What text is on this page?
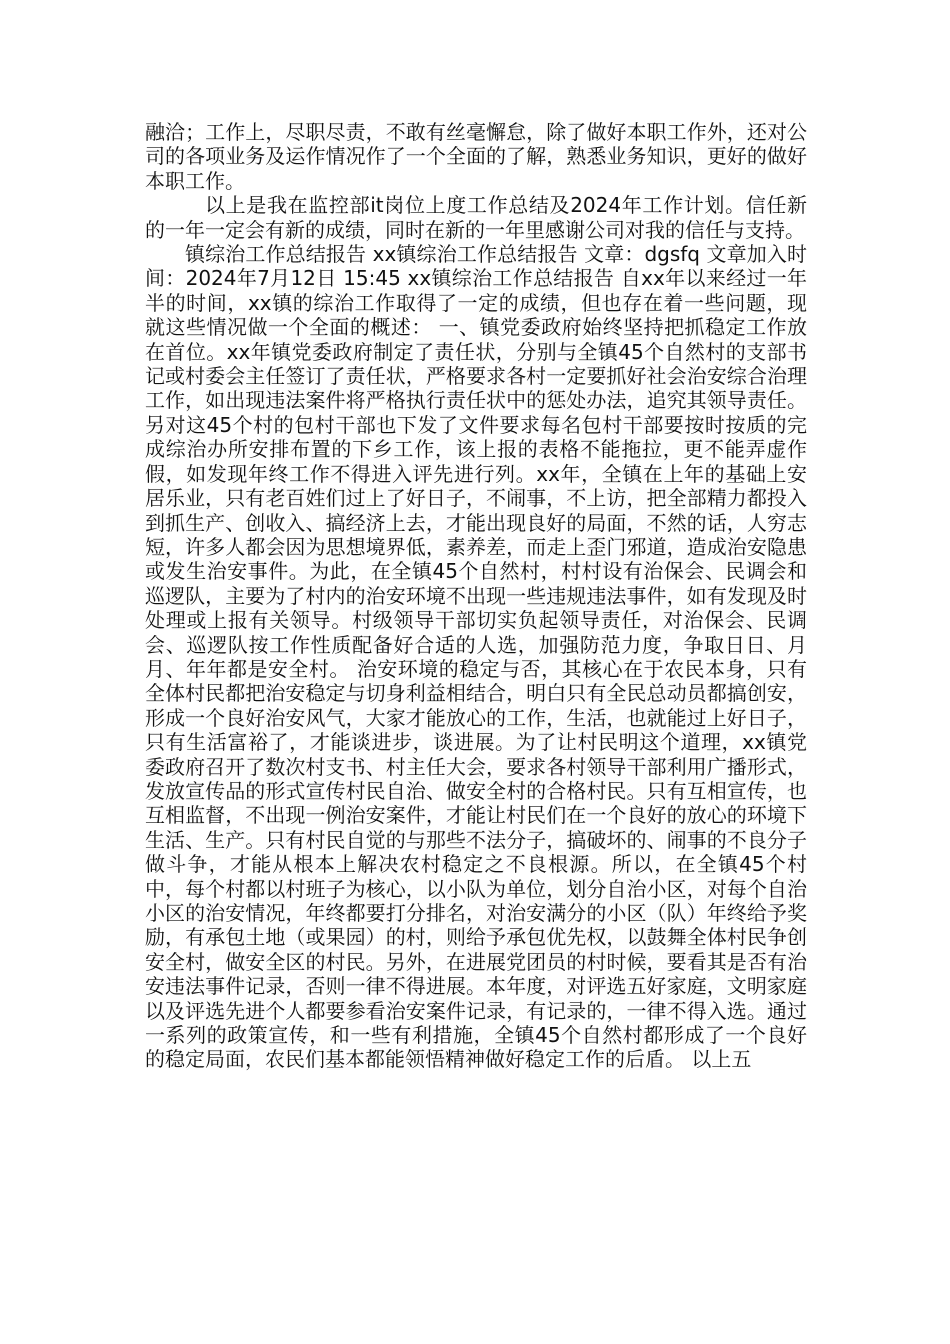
融洽；工作上，尽职尽责，不敢有丝毫懈怠，除了做好本职工作外，还对公司的各项业务及运作情况作了一个全面的了解，熟悉业务知识，更好的做好本职工作。

以上是我在监控部it岗位上度工作总结及2024年工作计划。信任新的一年一定会有新的成绩，同时在新的一年里感谢公司对我的信任与支持。

镇综治工作总结报告 xx镇综治工作总结报告 文章：dgsfq 文章加入时间：2024年7月12日 15:45 xx镇综治工作总结报告 自xx年以来经过一年半的时间，xx镇的综治工作取得了一定的成绩，但也存在着一些问题，现就这些情况做一个全面的概述： 一、镇党委政府始终坚持把抓稳定工作放在首位。xx年镇党委政府制定了责任状，分别与全镇45个自然村的支部书记或村委会主任签订了责任状，严格要求各村一定要抓好社会治安综合治理工作，如出现违法案件将严格执行责任状中的惩处办法，追究其领导责任。另对这45个村的包村干部也下发了文件要求每名包村干部要按时按质的完成综治办所安排布置的下乡工作，该上报的表格不能拖拉，更不能弄虚作假，如发现年终工作不得进入评先进行列。xx年，全镇在上年的基础上安居乐业，只有老百姓们过上了好日子，不闹事，不上访，把全部精力都投入到抓生产、创收入、搞经济上去，才能出现良好的局面，不然的话，人穷志短，许多人都会因为思想境界低，素养差，而走上歪门邪道，造成治安隐患或发生治安事件。为此，在全镇45个自然村，村村设有治保会、民调会和巡逻队，主要为了村内的治安环境不出现一些违规违法事件，如有发现及时处理或上报有关领导。村级领导干部切实负起领导责任，对治保会、民调会、巡逻队按工作性质配备好合适的人选，加强防范力度，争取日日、月月、年年都是安全村。 治安环境的稳定与否，其核心在于农民本身，只有全体村民都把治安稳定与切身利益相结合，明白只有全民总动员都搞创安，形成一个良好治安风气，大家才能放心的工作，生活，也就能过上好日子，只有生活富裕了，才能谈进步，谈进展。为了让村民明这个道理，xx镇党委政府召开了数次村支书、村主任大会，要求各村领导干部利用广播形式，发放宣传品的形式宣传村民自治、做安全村的合格村民。只有互相宣传，也互相监督，不出现一例治安案件，才能让村民们在一个良好的放心的环境下生活、生产。只有村民自觉的与那些不法分子，搞破坏的、闹事的不良分子做斗争，才能从根本上解决农村稳定之不良根源。所以，在全镇45个村中，每个村都以村班子为核心，以小队为单位，划分自治小区，对每个自治小区的治安情况，年终都要打分排名，对治安满分的小区（队）年终给予奖励，有承包土地（或果园）的村，则给予承包优先权，以鼓舞全体村民争创安全村，做安全区的村民。另外，在进展党团员的村时候，要看其是否有治安违法事件记录，否则一律不得进展。本年度，对评选五好家庭，文明家庭以及评选先进个人都要参看治安案件记录，有记录的，一律不得入选。通过一系列的政策宣传，和一些有利措施，全镇45个自然村都形成了一个良好的稳定局面，农民们基本都能领悟精神做好稳定工作的后盾。 以上五
